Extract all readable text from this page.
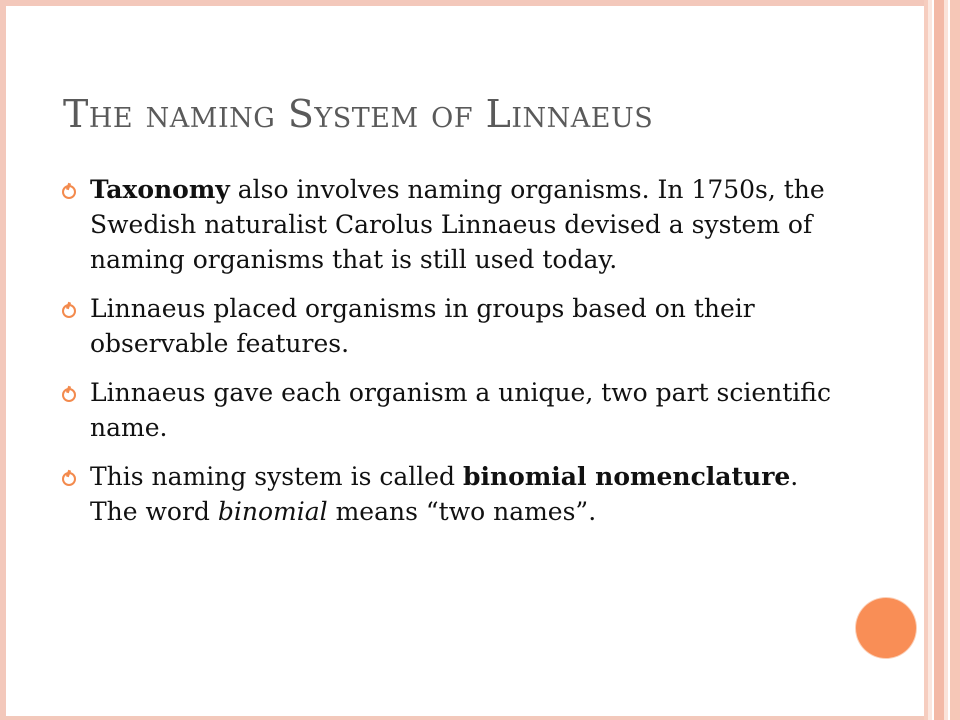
The naming System of Linnaeus
Taxonomy also involves naming organisms. In 1750s, the Swedish naturalist Carolus Linnaeus devised a system of naming organisms that is still used today.
Linnaeus placed organisms in groups based on their observable features.
Linnaeus gave each organism a unique, two part scientific name.
This naming system is called binomial nomenclature. The word binomial means “two names”.
